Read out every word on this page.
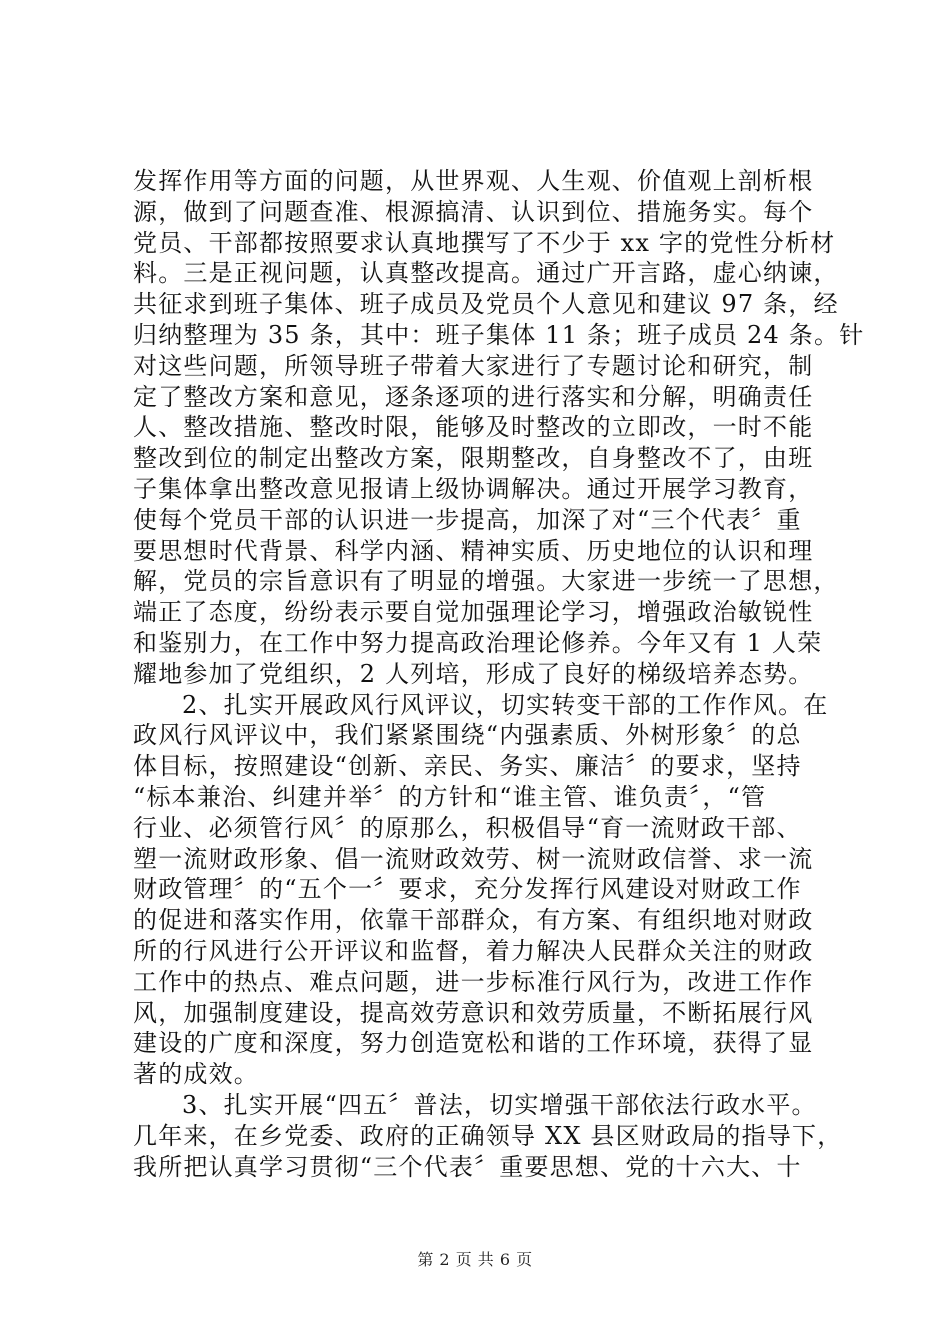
发挥作用等方面的问题，从世界观、人生观、价值观上剖析根
源，做到了问题查准、根源搞清、认识到位、措施务实。每个
党员、干部都按照要求认真地撰写了不少于 xx 字的党性分析材
料。三是正视问题，认真整改提高。通过广开言路，虚心纳谏，
共征求到班子集体、班子成员及党员个人意见和建议 97 条，经
归纳整理为 35 条，其中：班子集体 11 条；班子成员 24 条。针
对这些问题，所领导班子带着大家进行了专题讨论和研究，制
定了整改方案和意见，逐条逐项的进行落实和分解，明确责任
人、整改措施、整改时限，能够及时整改的立即改，一时不能
整改到位的制定出整改方案，限期整改，自身整改不了，由班
子集体拿出整改意见报请上级协调解决。通过开展学习教育，
使每个党员干部的认识进一步提高，加深了对“三个代表〞重
要思想时代背景、科学内涵、精神实质、历史地位的认识和理
解，党员的宗旨意识有了明显的增强。大家进一步统一了思想，
端正了态度，纷纷表示要自觉加强理论学习，增强政治敏锐性
和鉴别力，在工作中努力提高政治理论修养。今年又有 1 人荣
耀地参加了党组织，2 人列培，形成了良好的梯级培养态势。
2、扎实开展政风行风评议，切实转变干部的工作作风。在
政风行风评议中，我们紧紧围绕“内强素质、外树形象〞的总
体目标，按照建设“创新、亲民、务实、廉洁〞的要求，坚持
“标本兼治、纠建并举〞的方针和“谁主管、谁负责〞，“管
行业、必须管行风〞的原那么，积极倡导“育一流财政干部、
塑一流财政形象、倡一流财政效劳、树一流财政信誉、求一流
财政管理〞的“五个一〞要求，充分发挥行风建设对财政工作
的促进和落实作用，依靠干部群众，有方案、有组织地对财政
所的行风进行公开评议和监督，着力解决人民群众关注的财政
工作中的热点、难点问题，进一步标准行风行为，改进工作作
风，加强制度建设，提高效劳意识和效劳质量，不断拓展行风
建设的广度和深度，努力创造宽松和谐的工作环境，获得了显
著的成效。
3、扎实开展“四五〞普法，切实增强干部依法行政水平。
几年来，在乡党委、政府的正确领导 XX 县区财政局的指导下，
我所把认真学习贯彻“三个代表〞重要思想、党的十六大、十
第 2 页 共 6 页
